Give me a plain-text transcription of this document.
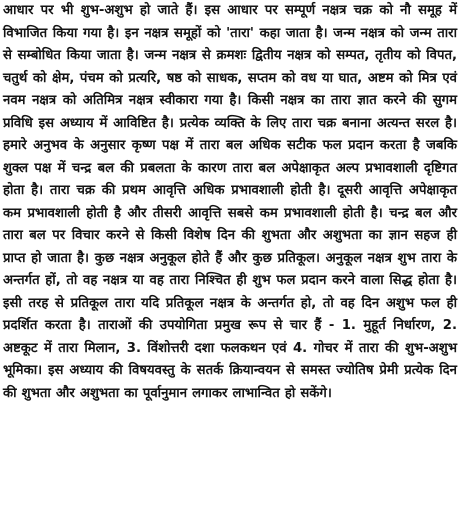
आधार पर भी शुभ-अशुभ हो जाते हैं। इस आधार पर सम्पूर्ण नक्षत्र चक्र को नौ समूह में विभाजित किया गया है। इन नक्षत्र समूहों को 'तारा' कहा जाता है। जन्म नक्षत्र को जन्म तारा से सम्बोधित किया जाता है। जन्म नक्षत्र से क्रमशः द्वितीय नक्षत्र को सम्पत, तृतीय को विपत, चतुर्थ को क्षेम, पंचम को प्रत्यरि, षष्ठ को साधक, सप्तम को वध या घात, अष्टम को मित्र एवं नवम नक्षत्र को अतिमित्र नक्षत्र स्वीकारा गया है। किसी नक्षत्र का तारा ज्ञात करने की सुगम प्रविधि इस अध्याय में आविष्टित है। प्रत्येक व्यक्ति के लिए तारा चक्र बनाना अत्यन्त सरल है। हमारे अनुभव के अनुसार कृष्ण पक्ष में तारा बल अधिक सटीक फल प्रदान करता है जबकि शुक्ल पक्ष में चन्द्र बल की प्रबलता के कारण तारा बल अपेक्षाकृत अल्प प्रभावशाली दृष्टिगत होता है। तारा चक्र की प्रथम आवृत्ति अधिक प्रभावशाली होती है। दूसरी आवृत्ति अपेक्षाकृत कम प्रभावशाली होती है और तीसरी आवृत्ति सबसे कम प्रभावशाली होती है। चन्द्र बल और तारा बल पर विचार करने से किसी विशेष दिन की शुभता और अशुभता का ज्ञान सहज ही प्राप्त हो जाता है। कुछ नक्षत्र अनुकूल होते हैं और कुछ प्रतिकूल। अनुकूल नक्षत्र शुभ तारा के अन्तर्गत हों, तो वह नक्षत्र या वह तारा निश्चित ही शुभ फल प्रदान करने वाला सिद्ध होता है। इसी तरह से प्रतिकूल तारा यदि प्रतिकूल नक्षत्र के अन्तर्गत हो, तो वह दिन अशुभ फल ही प्रदर्शित करता है। ताराओं की उपयोगिता प्रमुख रूप से चार हैं - 1. मुहूर्त निर्धारण, 2. अष्टकूट में तारा मिलान, 3. विंशोत्तरी दशा फलकथन एवं 4. गोचर में तारा की शुभ-अशुभ भूमिका। इस अध्याय की विषयवस्तु के सतर्क क्रियान्वयन से समस्त ज्योतिष प्रेमी प्रत्येक दिन की शुभता और अशुभता का पूर्वानुमान लगाकर लाभान्वित हो सकेंगे।
